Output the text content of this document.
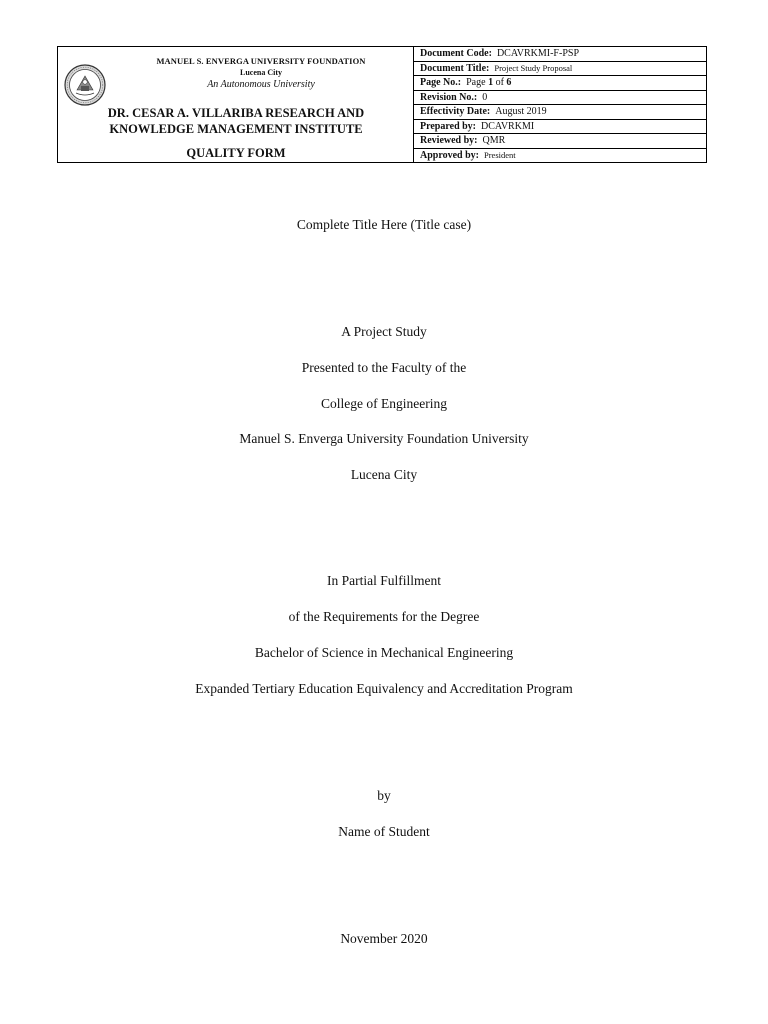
MANUEL S. ENVERGA UNIVERSITY FOUNDATION
Lucena City
An Autonomous University
DR. CESAR A. VILLARIBA RESEARCH AND
KNOWLEDGE MANAGEMENT INSTITUTE
QUALITY FORM
Document Code: DCAVRKMI-F-PSP
Document Title: Project Study Proposal
Page No.: Page 1 of 6
Revision No.: 0
Effectivity Date: August 2019
Prepared by: DCAVRKMI
Reviewed by: QMR
Approved by: President
Complete Title Here (Title case)
A Project Study
Presented to the Faculty of the
College of Engineering
Manuel S. Enverga University Foundation University
Lucena City
In Partial Fulfillment
of the Requirements for the Degree
Bachelor of Science in Mechanical Engineering
Expanded Tertiary Education Equivalency and Accreditation Program
by
Name of Student
November 2020
